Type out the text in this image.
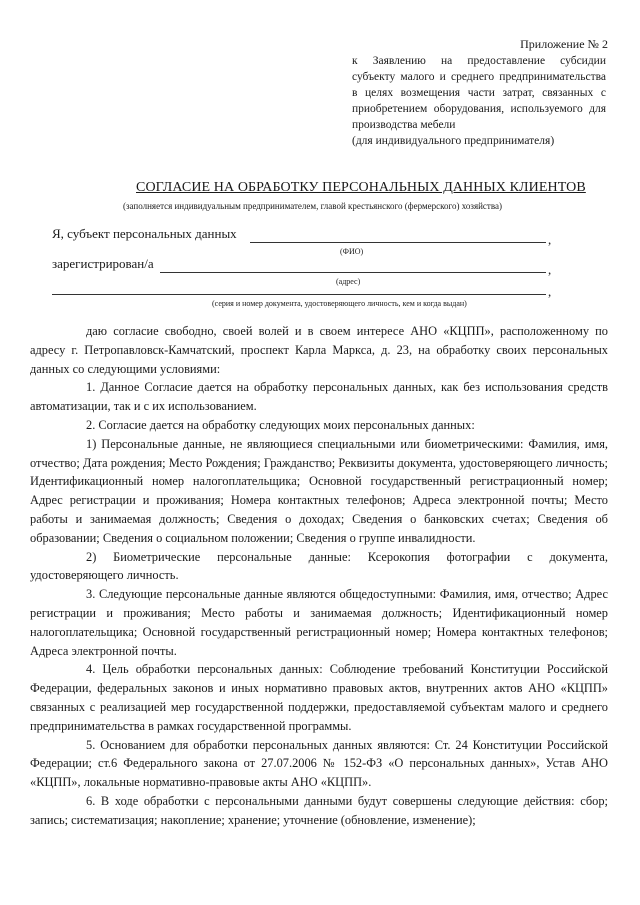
Приложение № 2

к Заявлению на предоставление субсидии

субъекту малого и среднего предпринимательства

в целях возмещения части затрат, связанных с

приобретением оборудования, используемого для

производства мебели

(для индивидуального предпринимателя)

СОГЛАСИЕ НА ОБРАБОТКУ ПЕРСОНАЛЬНЫХ ДАННЫХ КЛИЕНТОВ
(заполняется индивидуальным предпринимателем, главой крестьянского (фермерского) хозяйства)
Я, субъект персональных данных	,
(ФИО)
зарегистрирован/а	,
(адрес)
,
(серия и номер документа, удостоверяющего личность, кем и когда выдан)

даю согласие свободно, своей волей и в своем интересе АНО «КЦПП», расположенному по адресу г. Петропавловск-Камчатский, проспект Карла Маркса, д. 23, на обработку своих персональных данных со следующими условиями:

1. Данное Согласие дается на обработку персональных данных, как без использования средств автоматизации, так и с их использованием.

2. Согласие дается на обработку следующих моих персональных данных:

1) Персональные данные, не являющиеся специальными или биометрическими: Фамилия, имя, отчество; Дата рождения; Место Рождения; Гражданство; Реквизиты документа, удостоверяющего личность; Идентификационный номер налогоплательщика; Основной государственный регистрационный номер; Адрес регистрации и проживания; Номера контактных телефонов; Адреса электронной почты; Место работы и занимаемая должность; Сведения о доходах; Сведения о банковских счетах; Сведения об образовании; Сведения о социальном положении; Сведения о группе инвалидности.

2) Биометрические персональные данные: Ксерокопия фотографии с документа, удостоверяющего личность.

3. Следующие персональные данные являются общедоступными: Фамилия, имя, отчество; Адрес регистрации и проживания; Место работы и занимаемая должность; Идентификационный номер налогоплательщика; Основной государственный регистрационный номер; Номера контактных телефонов; Адреса электронной почты.

4. Цель обработки персональных данных: Соблюдение требований Конституции Российской Федерации, федеральных законов и иных нормативно правовых актов, внутренних актов АНО «КЦПП» связанных с реализацией мер государственной поддержки, предоставляемой субъектам малого и среднего предпринимательства в рамках государственной программы.

5. Основанием для обработки персональных данных являются: Ст. 24 Конституции Российской Федерации; ст.6 Федерального закона от 27.07.2006 № 152-ФЗ «О персональных данных», Устав АНО «КЦПП», локальные нормативно-правовые акты АНО «КЦПП».

6. В ходе обработки с персональными данными будут совершены следующие действия: сбор; запись; систематизация; накопление; хранение; уточнение (обновление, изменение);
